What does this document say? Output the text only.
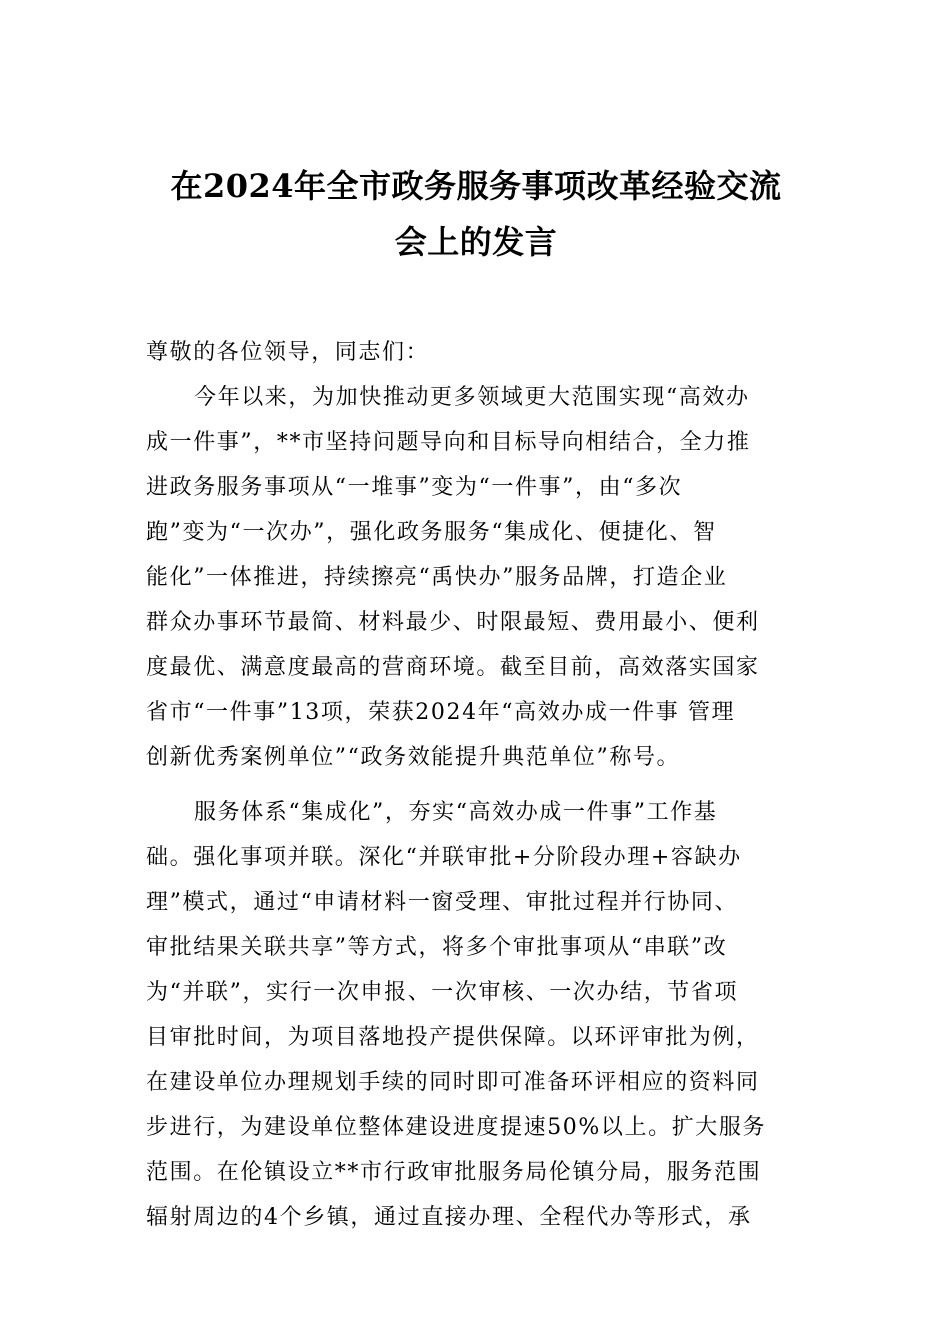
在2024年全市政务服务事项改革经验交流
会上的发言
尊敬的各位领导，同志们：
今年以来，为加快推动更多领域更大范围实现“高效办
成一件事”，**市坚持问题导向和目标导向相结合，全力推
进政务服务事项从“一堆事”变为“一件事”，由“多次
跑”变为“一次办”，强化政务服务“集成化、便捷化、智
能化”一体推进，持续擦亮“禹快办”服务品牌，打造企业
群众办事环节最简、材料最少、时限最短、费用最小、便利
度最优、满意度最高的营商环境。截至目前，高效落实国家
省市“一件事”13项，荣获2024年“高效办成一件事 管理
创新优秀案例单位”“政务效能提升典范单位”称号。
服务体系“集成化”，夯实“高效办成一件事”工作基
础。强化事项并联。深化“并联审批+分阶段办理+容缺办
理”模式，通过“申请材料一窗受理、审批过程并行协同、
审批结果关联共享”等方式，将多个审批事项从“串联”改
为“并联”，实行一次申报、一次审核、一次办结，节省项
目审批时间，为项目落地投产提供保障。以环评审批为例，
在建设单位办理规划手续的同时即可准备环评相应的资料同
步进行，为建设单位整体建设进度提速50%以上。扩大服务
范围。在伦镇设立**市行政审批服务局伦镇分局，服务范围
辐射周边的4个乡镇，通过直接办理、全程代办等形式，承
